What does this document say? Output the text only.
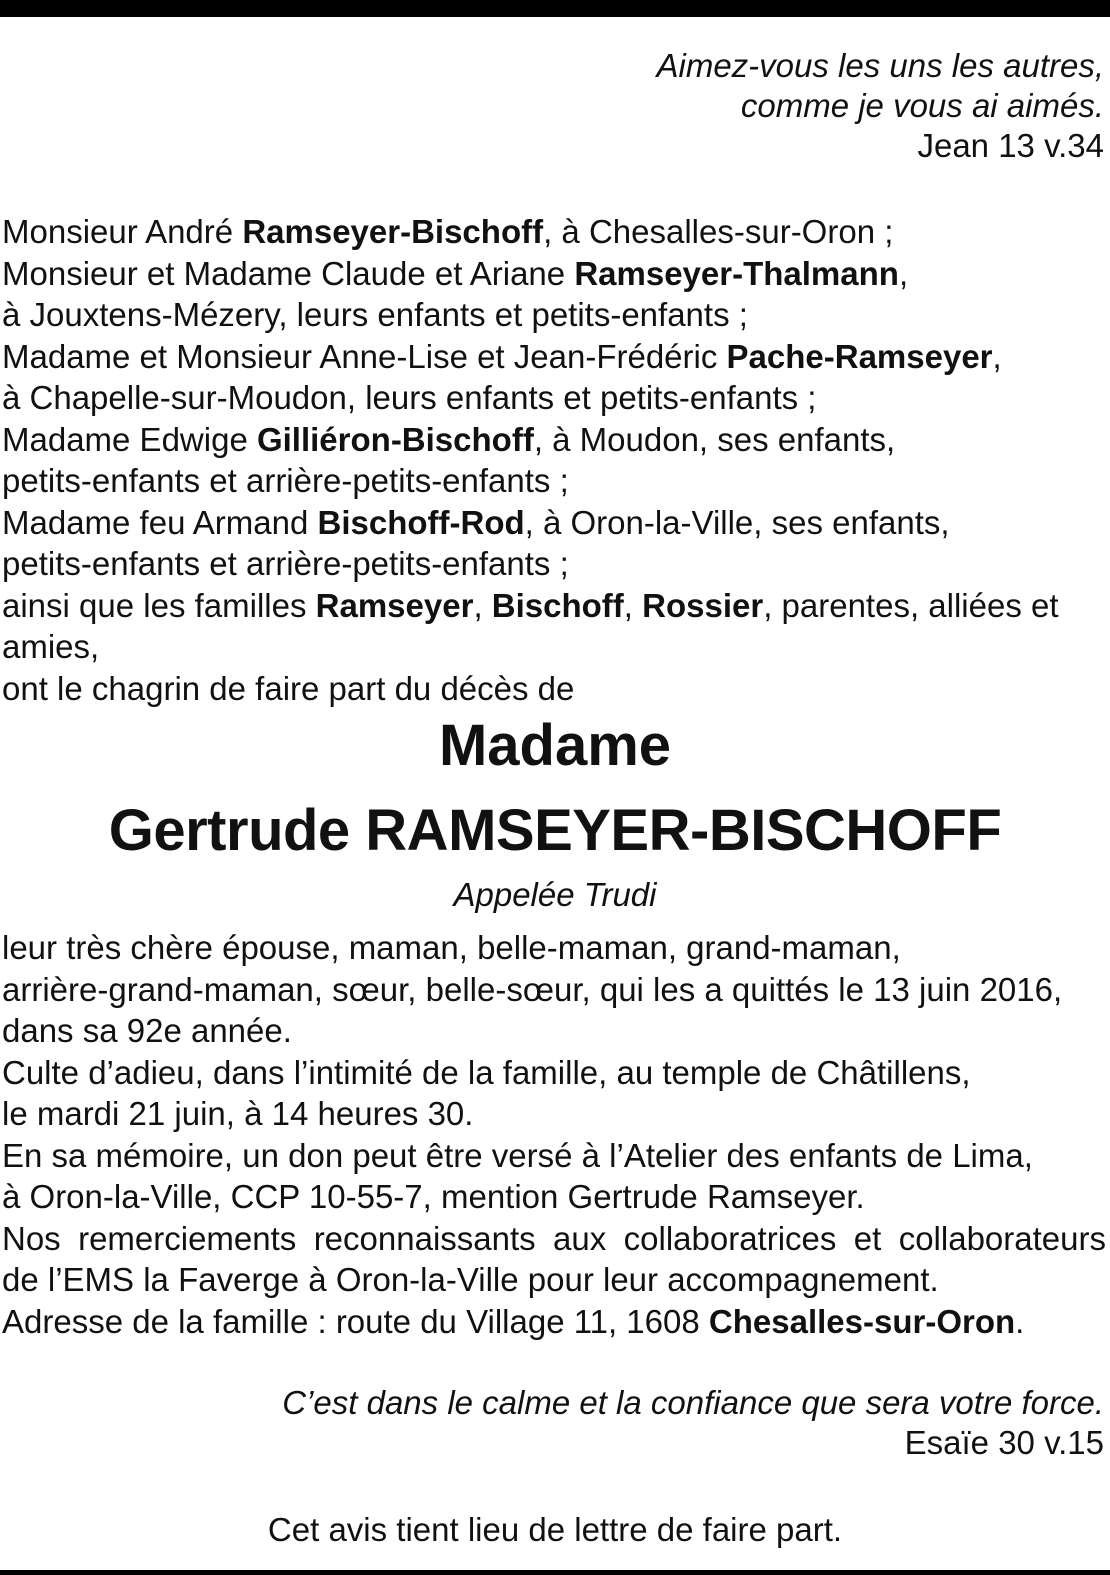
Aimez-vous les uns les autres,
comme je vous ai aimés.
Jean 13 v.34
Monsieur André Ramseyer-Bischoff, à Chesalles-sur-Oron ;
Monsieur et Madame Claude et Ariane Ramseyer-Thalmann,
à Jouxtens-Mézery, leurs enfants et petits-enfants ;
Madame et Monsieur Anne-Lise et Jean-Frédéric Pache-Ramseyer,
à Chapelle-sur-Moudon, leurs enfants et petits-enfants ;
Madame Edwige Gilliéron-Bischoff, à Moudon, ses enfants,
petits-enfants et arrière-petits-enfants ;
Madame feu Armand Bischoff-Rod, à Oron-la-Ville, ses enfants,
petits-enfants et arrière-petits-enfants ;
ainsi que les familles Ramseyer, Bischoff, Rossier, parentes, alliées et
amies,
ont le chagrin de faire part du décès de
Madame
Gertrude RAMSEYER-BISCHOFF
Appelée Trudi
leur très chère épouse, maman, belle-maman, grand-maman,
arrière-grand-maman, sœur, belle-sœur, qui les a quittés le 13 juin 2016,
dans sa 92e année.
Culte d’adieu, dans l’intimité de la famille, au temple de Châtillens,
le mardi 21 juin, à 14 heures 30.
En sa mémoire, un don peut être versé à l’Atelier des enfants de Lima,
à Oron-la-Ville, CCP 10-55-7, mention Gertrude Ramseyer.
Nos remerciements reconnaissants aux collaboratrices et collaborateurs
de l’EMS la Faverge à Oron-la-Ville pour leur accompagnement.
Adresse de la famille : route du Village 11, 1608 Chesalles-sur-Oron.
C’est dans le calme et la confiance que sera votre force.
Esaïe 30 v.15
Cet avis tient lieu de lettre de faire part.
